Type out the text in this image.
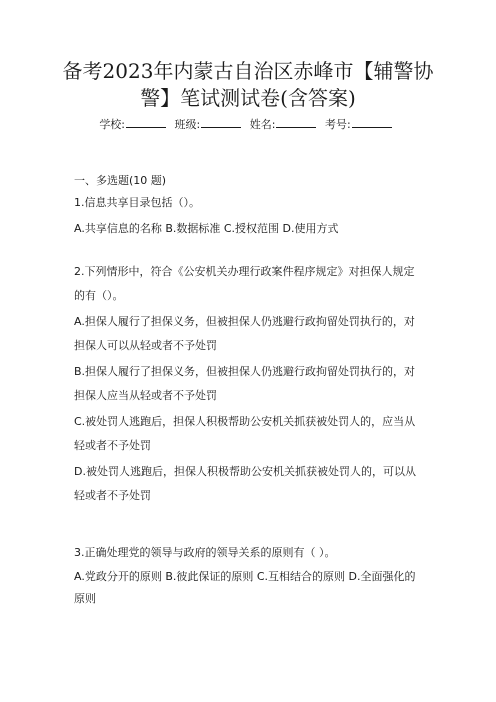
备考2023年内蒙古自治区赤峰市【辅警协警】笔试测试卷(含答案)
学校:	班级:	姓名:	考号:
一、多选题(10 题)
1.信息共享目录包括（）。
A.共享信息的名称 B.数据标准 C.授权范围 D.使用方式
2.下列情形中，符合《公安机关办理行政案件程序规定》对担保人规定的有（）。
A.担保人履行了担保义务，但被担保人仍逃避行政拘留处罚执行的，对担保人可以从轻或者不予处罚
B.担保人履行了担保义务，但被担保人仍逃避行政拘留处罚执行的，对担保人应当从轻或者不予处罚
C.被处罚人逃跑后，担保人积极帮助公安机关抓获被处罚人的，应当从轻或者不予处罚
D.被处罚人逃跑后，担保人积极帮助公安机关抓获被处罚人的，可以从轻或者不予处罚
3.正确处理党的领导与政府的领导关系的原则有（ ）。
A.党政分开的原则 B.彼此保证的原则 C.互相结合的原则 D.全面强化的原则
